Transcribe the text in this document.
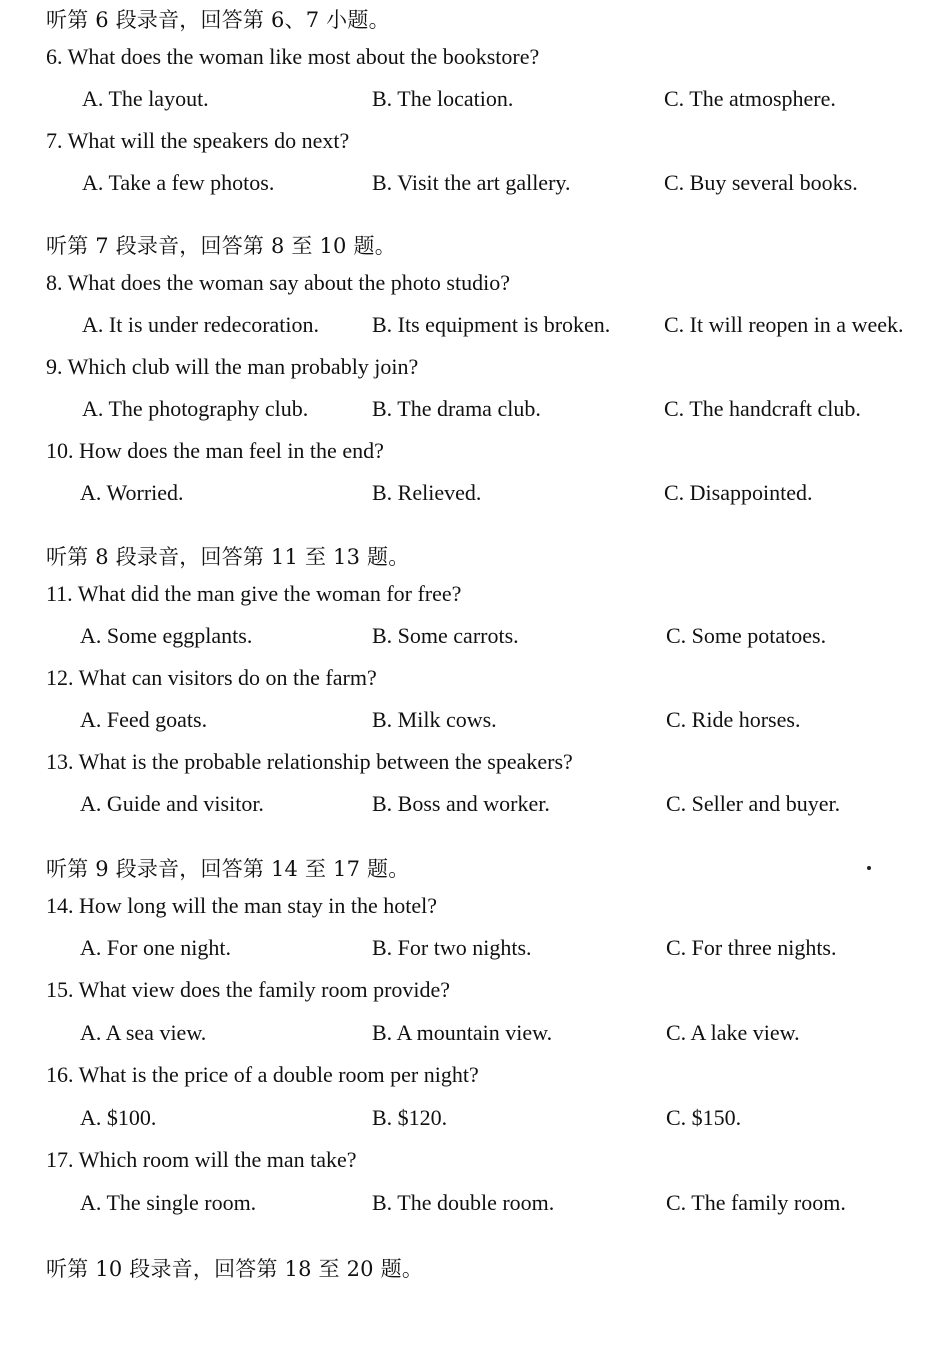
听第 6 段录音，回答第 6、7 小题。
6. What does the woman like most about the bookstore?
A. The layout.	B. The location.	C. The atmosphere.
7. What will the speakers do next?
A. Take a few photos.	B. Visit the art gallery.	C. Buy several books.
听第 7 段录音，回答第 8 至 10 题。
8. What does the woman say about the photo studio?
A. It is under redecoration. B. Its equipment is broken. C. It will reopen in a week.
9. Which club will the man probably join?
A. The photography club.	B. The drama club.	C. The handcraft club.
10. How does the man feel in the end?
A. Worried.	B. Relieved.	C. Disappointed.
听第 8 段录音，回答第 11 至 13 题。
11. What did the man give the woman for free?
A. Some eggplants.	B. Some carrots.	C. Some potatoes.
12. What can visitors do on the farm?
A. Feed goats.	B. Milk cows.	C. Ride horses.
13. What is the probable relationship between the speakers?
A. Guide and visitor.	B. Boss and worker.	C. Seller and buyer.
听第 9 段录音，回答第 14 至 17 题。
14. How long will the man stay in the hotel?
A. For one night.	B. For two nights.	C. For three nights.
15. What view does the family room provide?
A. A sea view.	B. A mountain view.	C. A lake view.
16. What is the price of a double room per night?
A. $100.	B. $120.	C. $150.
17. Which room will the man take?
A. The single room.	B. The double room.	C. The family room.
听第 10 段录音，回答第 18 至 20 题。
